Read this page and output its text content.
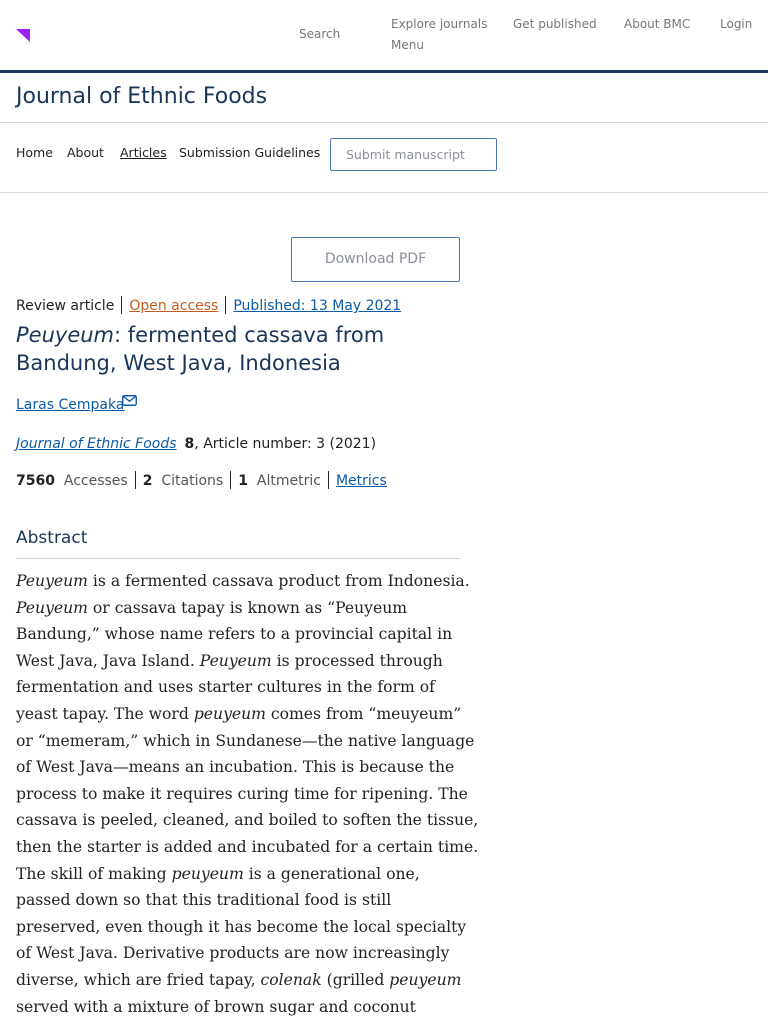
Search
Explore journals Get published About BMC Login
Menu
Journal of Ethnic Foods
Home About Articles Submission Guidelines	Submit manuscript
Download PDF
Review article Open access Published: 13 May 2021
Peuyeum: fermented cassava from Bandung, West Java, Indonesia
Laras Cempaka
Journal of Ethnic Foods 8, Article number: 3 (2021)
7560 Accesses 2 Citations 1 Altmetric Metrics
Abstract
Peuyeum is a fermented cassava product from Indonesia.
Peuyeum or cassava tapay is known as “Peuyeum
Bandung,” whose name refers to a provincial capital in
West Java, Java Island. Peuyeum is processed through
fermentation and uses starter cultures in the form of
yeast tapay. The word peuyeum comes from “meuyeum”
or “memeram,” which in Sundanese—the native language
of West Java—means an incubation. This is because the
process to make it requires curing time for ripening. The
cassava is peeled, cleaned, and boiled to soften the tissue,
then the starter is added and incubated for a certain time.
The skill of making peuyeum is a generational one,
passed down so that this traditional food is still
preserved, even though it has become the local specialty
of West Java. Derivative products are now increasingly
diverse, which are fried tapay, colenak (grilled peuyeum
served with a mixture of brown sugar and coconut
